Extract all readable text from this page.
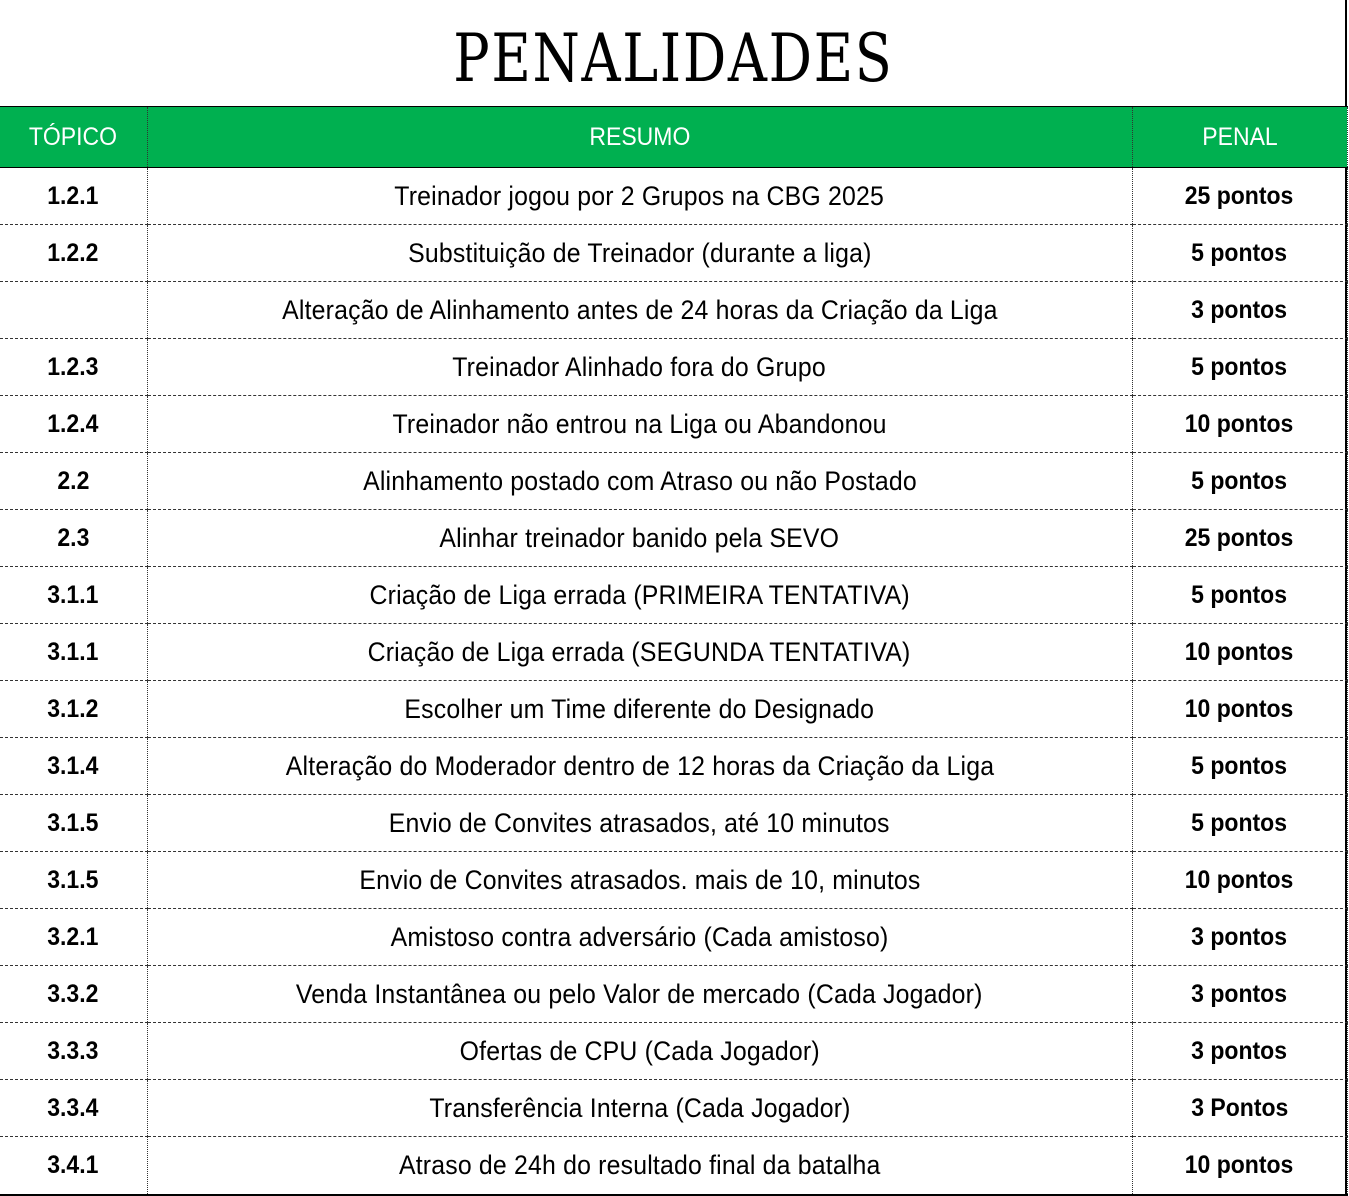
PENALIDADES
TÓPICO	RESUMO	PENAL
1.2.1	Treinador jogou por 2 Grupos na CBG 2025	25 pontos
1.2.2	Substituição de Treinador (durante a liga)	5 pontos
	Alteração de Alinhamento antes de 24 horas da Criação da Liga	3 pontos
1.2.3	Treinador Alinhado fora do Grupo	5 pontos
1.2.4	Treinador não entrou na Liga ou Abandonou	10 pontos
2.2	Alinhamento postado com Atraso ou não Postado	5 pontos
2.3	Alinhar treinador banido pela SEVO	25 pontos
3.1.1	Criação de Liga errada (PRIMEIRA TENTATIVA)	5 pontos
3.1.1	Criação de Liga errada (SEGUNDA TENTATIVA)	10 pontos
3.1.2	Escolher um Time diferente do Designado	10 pontos
3.1.4	Alteração do Moderador dentro de 12 horas da Criação da Liga	5 pontos
3.1.5	Envio de Convites atrasados, até 10 minutos	5 pontos
3.1.5	Envio de Convites atrasados. mais de 10, minutos	10 pontos
3.2.1	Amistoso contra adversário (Cada amistoso)	3 pontos
3.3.2	Venda Instantânea ou pelo Valor de mercado (Cada Jogador)	3 pontos
3.3.3	Ofertas de CPU (Cada Jogador)	3 pontos
3.3.4	Transferência Interna (Cada Jogador)	3 Pontos
3.4.1	Atraso de 24h do resultado final da batalha	10 pontos
